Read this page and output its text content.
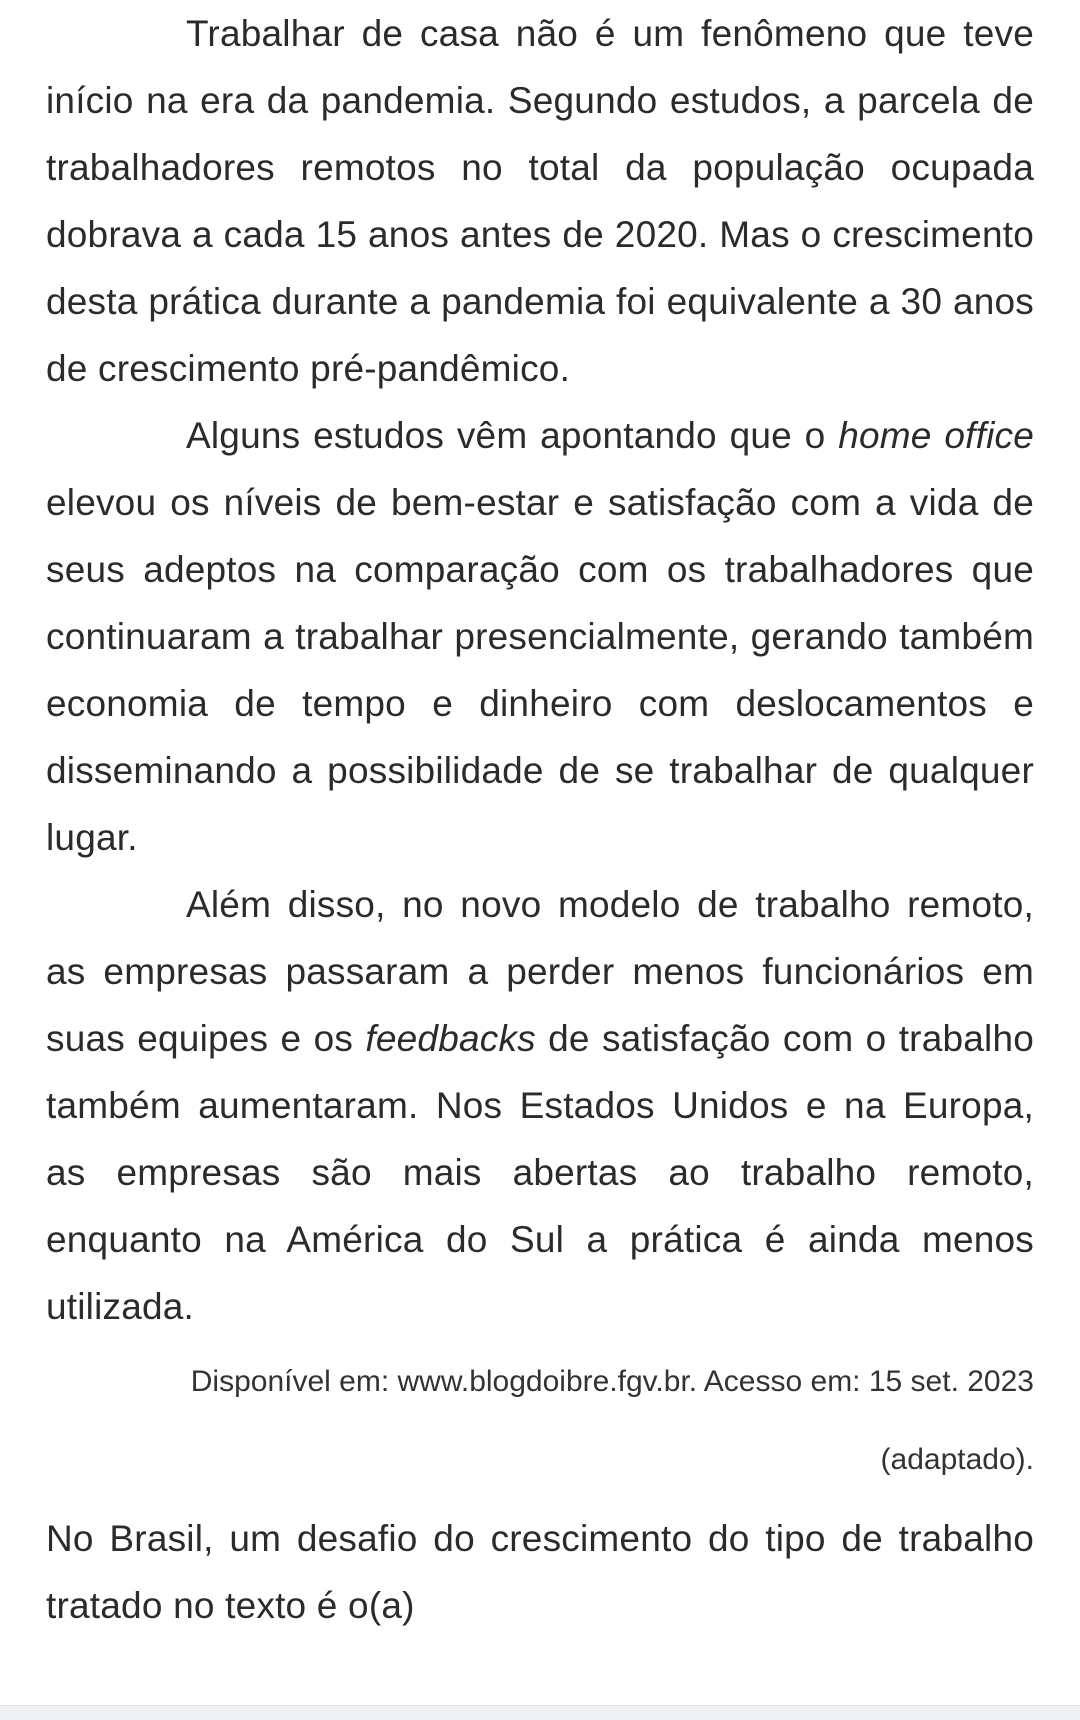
Trabalhar de casa não é um fenômeno que teve início na era da pandemia. Segundo estudos, a parcela de trabalhadores remotos no total da população ocupada dobrava a cada 15 anos antes de 2020. Mas o crescimento desta prática durante a pandemia foi equivalente a 30 anos de crescimento pré-pandêmico.

Alguns estudos vêm apontando que o home office elevou os níveis de bem-estar e satisfação com a vida de seus adeptos na comparação com os trabalhadores que continuaram a trabalhar presencialmente, gerando também economia de tempo e dinheiro com deslocamentos e disseminando a possibilidade de se trabalhar de qualquer lugar.

Além disso, no novo modelo de trabalho remoto, as empresas passaram a perder menos funcionários em suas equipes e os feedbacks de satisfação com o trabalho também aumentaram. Nos Estados Unidos e na Europa, as empresas são mais abertas ao trabalho remoto, enquanto na América do Sul a prática é ainda menos utilizada.

Disponível em: www.blogdoibre.fgv.br. Acesso em: 15 set. 2023

(adaptado).

No Brasil, um desafio do crescimento do tipo de trabalho tratado no texto é o(a)
